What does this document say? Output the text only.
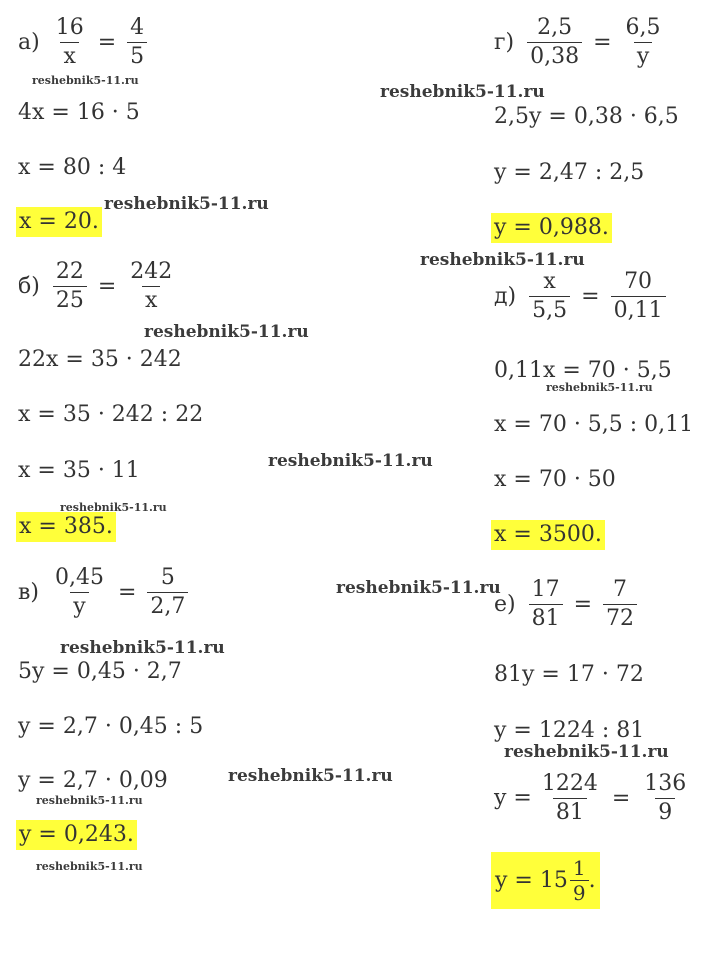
$а) \frac{16}{x} = \frac{4}{5}$
4x = 16 · 5
x = 80 : 4
x = 20.
$б) \frac{22}{25} = \frac{242}{x}$
22x = 35 · 242
x = 35 · 242 : 22
x = 35 · 11
x = 385.
$в) \frac{0,45}{y} = \frac{5}{2,7}$
5y = 0,45 · 2,7
y = 2,7 · 0,45 : 5
y = 2,7 · 0,09
y = 0,243.
$г) \frac{2,5}{0,38} = \frac{6,5}{y}$
2,5y = 0,38 · 6,5
y = 2,47 : 2,5
y = 0,988.
$д) \frac{x}{5,5} = \frac{70}{0,11}$
0,11x = 70 · 5,5
x = 70 · 5,5 : 0,11
x = 70 · 50
x = 3500.
$е) \frac{17}{81} = \frac{7}{72}$
81y = 17 · 72
y = 1224 : 81
$y = \frac{1224}{81} = \frac{136}{9}$
$y = 15 \frac{1}{9}$ .
reshebnik5-11.ru
reshebnik5-11.ru
reshebnik5-11.ru
reshebnik5-11.ru
reshebnik5-11.ru
reshebnik5-11.ru
reshebnik5-11.ru
reshebnik5-11.ru
reshebnik5-11.ru
reshebnik5-11.ru
reshebnik5-11.ru
reshebnik5-11.ru
reshebnik5-11.ru
reshebnik5-11.ru
